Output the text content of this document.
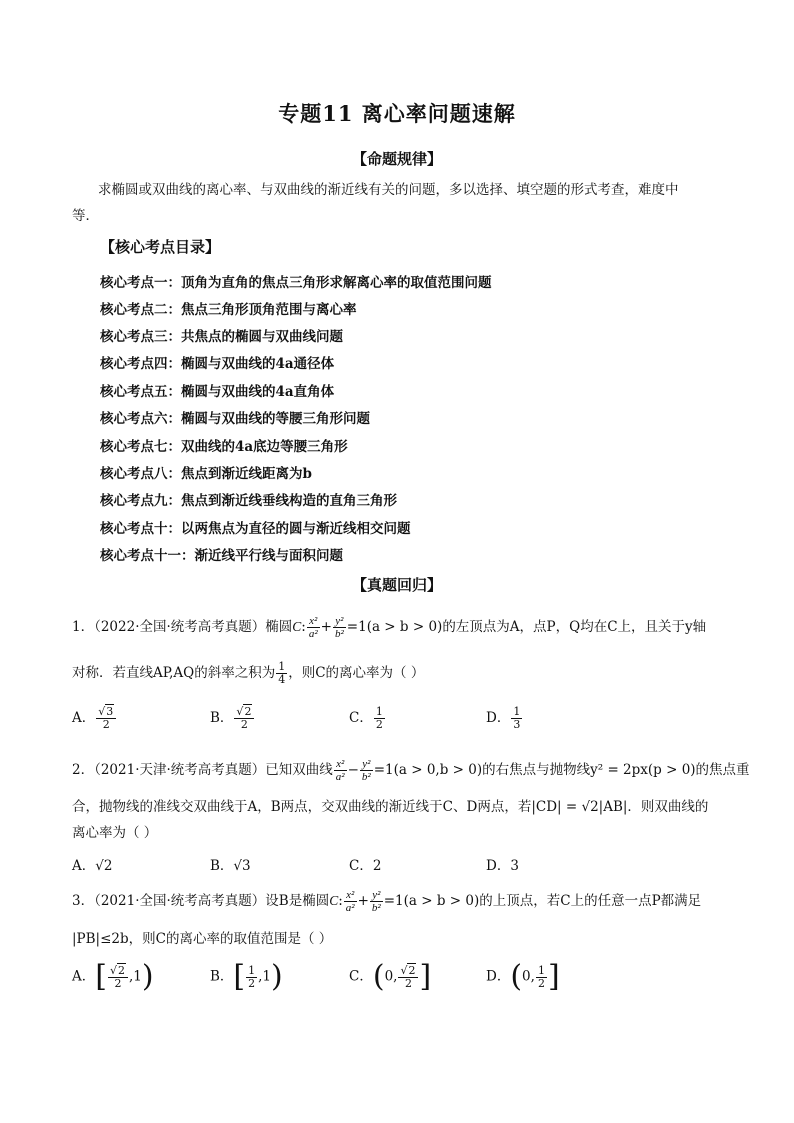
专题11 离心率问题速解
【命题规律】
求椭圆或双曲线的离心率、与双曲线的渐近线有关的问题，多以选择、填空题的形式考查，难度中
等．
【核心考点目录】
核心考点一：顶角为直角的焦点三角形求解离心率的取值范围问题
核心考点二：焦点三角形顶角范围与离心率
核心考点三：共焦点的椭圆与双曲线问题
核心考点四：椭圆与双曲线的4a通径体
核心考点五：椭圆与双曲线的4a直角体
核心考点六：椭圆与双曲线的等腰三角形问题
核心考点七：双曲线的4a底边等腰三角形
核心考点八：焦点到渐近线距离为b
核心考点九：焦点到渐近线垂线构造的直角三角形
核心考点十：以两焦点为直径的圆与渐近线相交问题
核心考点十一：渐近线平行线与面积问题
【真题回归】
1．（2022·全国·统考高考真题）椭圆C: $\frac{\text{x²}}{\text{a²}} + \frac{\text{y²}}{\text{b²}} =1(a > b > 0)$的左顶点为A，点P，Q均在C上，且关于y轴
对称．若直线AP,AQ的斜率之积为 $\frac{1}{4}$ ，则C的离心率为（ ）
A． $\frac{√3}{2}$	B． $\frac{√2}{2}$	C． $\frac{1}{2}$	D． $\frac{1}{3}$
2．（2021·天津·统考高考真题）已知双曲线 $\frac{\text{x²}}{\text{a²}} - \frac{\text{y²}}{\text{b²}} =1(a > 0,b > 0)$的右焦点与抛物线y² = 2px(p > 0)的焦点重
合，抛物线的准线交双曲线于A，B两点，交双曲线的渐近线于C、D两点，若|CD| = √2|AB|．则双曲线的
离心率为（ ）
A．√2	B．√3	C．2	D．3
3．（2021·全国·统考高考真题）设B是椭圆C: $\frac{\text{x²}}{\text{a²}} + \frac{\text{y²}}{\text{b²}} =1(a > b > 0)$的上顶点，若C上的任意一点P都满足
|PB|≤2b，则C的离心率的取值范围是（ ）
A．[ $\frac{√2}{2} ,1$)	B．[ $\frac{1}{2} ,1$)	C．(0, $\frac{√2}{2}$ ]	D．(0, $\frac{1}{2}$ ]
